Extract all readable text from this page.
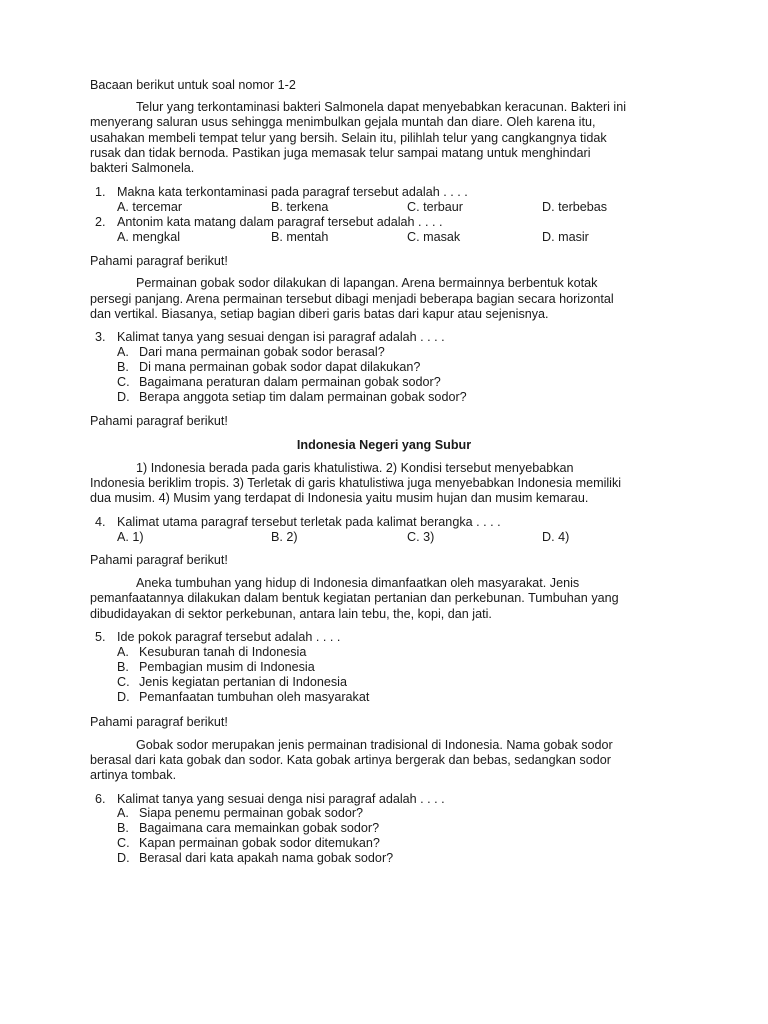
Bacaan berikut untuk soal nomor 1-2
Telur yang terkontaminasi bakteri Salmonela dapat menyebabkan keracunan. Bakteri ini
menyerang saluran usus sehingga menimbulkan gejala muntah dan diare. Oleh karena itu,
usahakan membeli tempat telur yang bersih. Selain itu, pilihlah telur yang cangkangnya tidak
rusak dan tidak bernoda. Pastikan juga memasak telur sampai matang untuk menghindari
bakteri Salmonela.
1. Makna kata terkontaminasi pada paragraf tersebut adalah . . . .
A. tercemar	B. terkena	C. terbaur	D. terbebas
2. Antonim kata matang dalam paragraf tersebut adalah . . . .
A. mengkal	B. mentah	C. masak	D. masir
Pahami paragraf berikut!
Permainan gobak sodor dilakukan di lapangan. Arena bermainnya berbentuk kotak
persegi panjang. Arena permainan tersebut dibagi menjadi beberapa bagian secara horizontal
dan vertikal. Biasanya, setiap bagian diberi garis batas dari kapur atau sejenisnya.
3. Kalimat tanya yang sesuai dengan isi paragraf adalah . . . .
A. Dari mana permainan gobak sodor berasal?
B. Di mana permainan gobak sodor dapat dilakukan?
C. Bagaimana peraturan dalam permainan gobak sodor?
D. Berapa anggota setiap tim dalam permainan gobak sodor?
Pahami paragraf berikut!
Indonesia Negeri yang Subur
1) Indonesia berada pada garis khatulistiwa. 2) Kondisi tersebut menyebabkan
Indonesia beriklim tropis. 3) Terletak di garis khatulistiwa juga menyebabkan Indonesia memiliki
dua musim. 4) Musim yang terdapat di Indonesia yaitu musim hujan dan musim kemarau.
4. Kalimat utama paragraf tersebut terletak pada kalimat berangka . . . .
A. 1)	B. 2)	C. 3)	D. 4)
Pahami paragraf berikut!
Aneka tumbuhan yang hidup di Indonesia dimanfaatkan oleh masyarakat. Jenis
pemanfaatannya dilakukan dalam bentuk kegiatan pertanian dan perkebunan. Tumbuhan yang
dibudidayakan di sektor perkebunan, antara lain tebu, the, kopi, dan jati.
5. Ide pokok paragraf tersebut adalah . . . .
A. Kesuburan tanah di Indonesia
B. Pembagian musim di Indonesia
C. Jenis kegiatan pertanian di Indonesia
D. Pemanfaatan tumbuhan oleh masyarakat
Pahami paragraf berikut!
Gobak sodor merupakan jenis permainan tradisional di Indonesia. Nama gobak sodor
berasal dari kata gobak dan sodor. Kata gobak artinya bergerak dan bebas, sedangkan sodor
artinya tombak.
6. Kalimat tanya yang sesuai denga nisi paragraf adalah . . . .
A. Siapa penemu permainan gobak sodor?
B. Bagaimana cara memainkan gobak sodor?
C. Kapan permainan gobak sodor ditemukan?
D. Berasal dari kata apakah nama gobak sodor?
